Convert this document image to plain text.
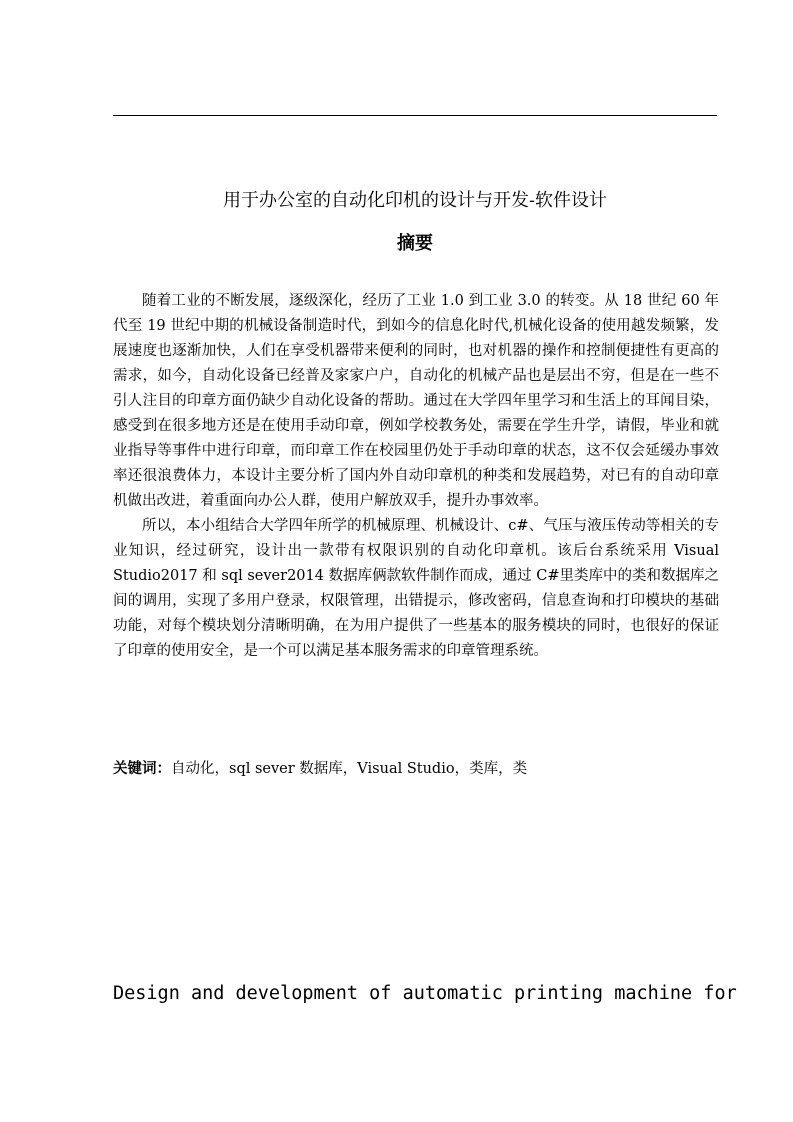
用于办公室的自动化印机的设计与开发-软件设计
摘要

随着工业的不断发展，逐级深化，经历了工业 1.0 到工业 3.0 的转变。从 18 世纪 60 年代至 19 世纪中期的机械设备制造时代，到如今的信息化时代,机械化设备的使用越发频繁，发展速度也逐渐加快，人们在享受机器带来便利的同时，也对机器的操作和控制便捷性有更高的需求，如今，自动化设备已经普及家家户户，自动化的机械产品也是层出不穷，但是在一些不引人注目的印章方面仍缺少自动化设备的帮助。通过在大学四年里学习和生活上的耳闻目染，感受到在很多地方还是在使用手动印章，例如学校教务处，需要在学生升学，请假，毕业和就业指导等事件中进行印章，而印章工作在校园里仍处于手动印章的状态，这不仅会延缓办事效率还很浪费体力，本设计主要分析了国内外自动印章机的种类和发展趋势，对已有的自动印章机做出改进，着重面向办公人群，使用户解放双手，提升办事效率。

所以，本小组结合大学四年所学的机械原理、机械设计、c#、气压与液压传动等相关的专业知识，经过研究，设计出一款带有权限识别的自动化印章机。该后台系统采用 Visual Studio2017 和 sql sever2014 数据库俩款软件制作而成，通过 C#里类库中的类和数据库之间的调用，实现了多用户登录，权限管理，出错提示，修改密码，信息查询和打印模块的基础功能，对每个模块划分清晰明确，在为用户提供了一些基本的服务模块的同时，也很好的保证了印章的使用安全，是一个可以满足基本服务需求的印章管理系统。

关键词：自动化，sql sever 数据库，Visual Studio，类库，类

Design and development of automatic printing machine for
